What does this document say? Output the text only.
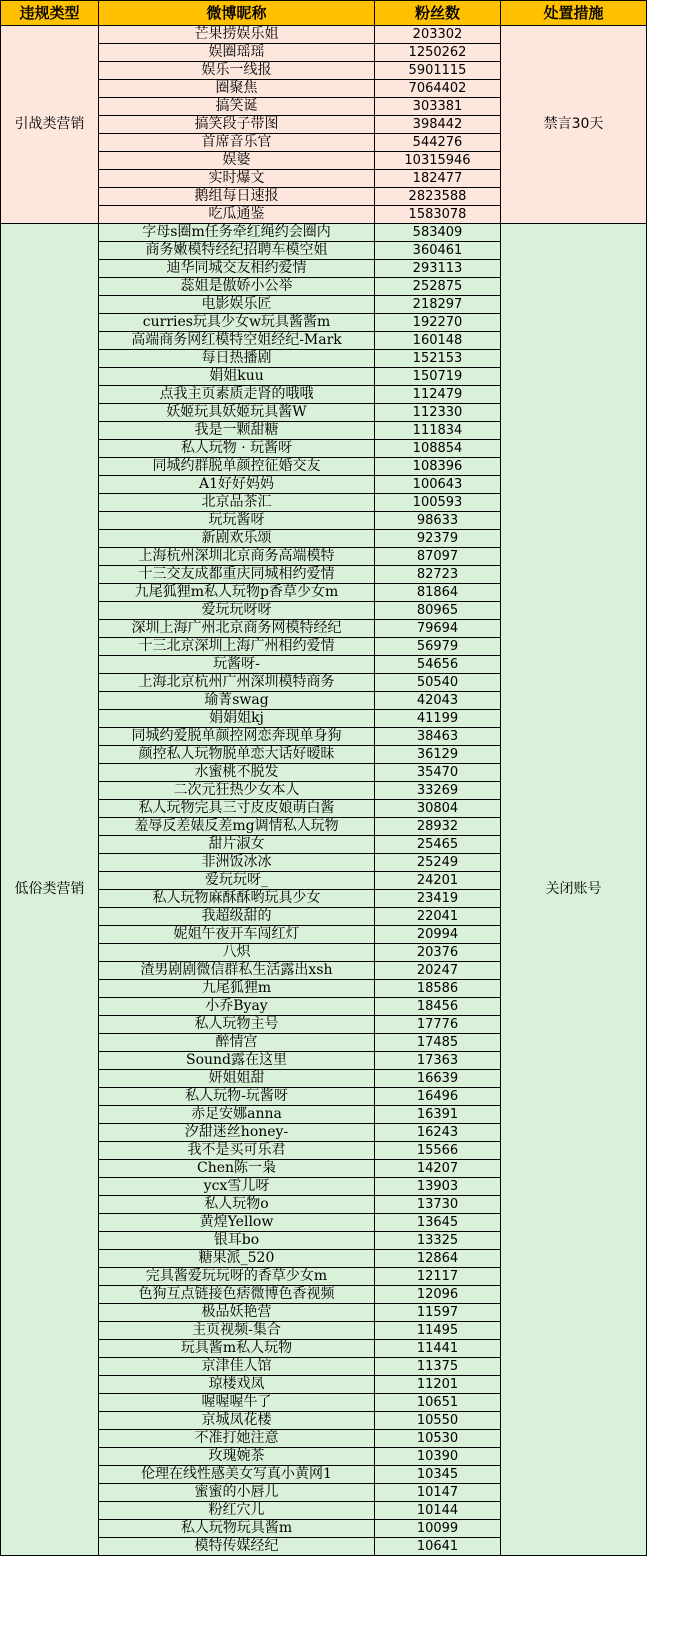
违规类型	微博昵称	粉丝数	处置措施
引战类营销	芒果捞娱乐姐	203302	禁言30天
	娱圈瑶瑶	1250262	
	娱乐一线报	5901115	
	圈聚焦	7064402	
	搞笑诞	303381	
	搞笑段子带图	398442	
	首席音乐官	544276	
	娱婆	10315946	
	实时爆文	182477	
	鹅组每日速报	2823588	
	吃瓜通鉴	1583078	
低俗类营销	字母s圈m任务牵红绳约会圈内	583409	关闭账号
	商务嫩模特经纪招聘车模空姐	360461	
	迪华同城交友相约爱情	293113	
	蕊姐是傲娇小公举	252875	
	电影娱乐匠	218297	
	curries玩具少女w玩具酱酱m	192270	
	高端商务网红模特空姐经纪-Mark	160148	
	每日热播剧	152153	
	娟姐kuu	150719	
	点我主页素质走肾的哦哦	112479	
	妖姬玩具妖姬玩具酱W	112330	
	我是一颗甜糖	111834	
	私人玩物 · 玩酱呀	108854	
	同城约群脱单颜控征婚交友	108396	
	A1好好妈妈	100643	
	北京品茶汇	100593	
	玩玩酱呀	98633	
	新剧欢乐颂	92379	
	上海杭州深圳北京商务高端模特	87097	
	十三交友成都重庆同城相约爱情	82723	
	九尾狐狸m私人玩物p香草少女m	81864	
	爱玩玩呀呀	80965	
	深圳上海广州北京商务网模特经纪	79694	
	十三北京深圳上海广州相约爱情	56979	
	玩酱呀-	54656	
	上海北京杭州广州深圳模特商务	50540	
	瑜菁swag	42043	
	娟娟姐kj	41199	
	同城约爱脱单颜控网恋奔现单身狗	38463	
	颜控私人玩物脱单恋大话好暧昧	36129	
	水蜜桃不脱发	35470	
	二次元狂热少女本人	33269	
	私人玩物完具三寸皮皮娘萌白酱	30804	
	羞辱反差婊反差mg调情私人玩物	28932	
	甜片淑女	25465	
	非洲饭冰冰	25249	
	爱玩玩呀_	24201	
	私人玩物麻酥酥哟玩具少女	23419	
	我超级甜的	22041	
	妮姐午夜开车闯红灯	20994	
	八炽	20376	
	渣男剧剧微信群私生活露出xsh	20247	
	九尾狐狸m	18586	
	小乔Byay	18456	
	私人玩物主号	17776	
	醉情宫	17485	
	Sound露在这里	17363	
	妍姐姐甜	16639	
	私人玩物-玩酱呀	16496	
	赤足安娜anna	16391	
	汐甜迷丝honey-	16243	
	我不是买可乐君	15566	
	Chen陈一枭	14207	
	ycx雪儿呀	13903	
	私人玩物o	13730	
	黄煌Yellow	13645	
	银耳bo	13325	
	糖果派_520	12864	
	完具酱爱玩玩呀的香草少女m	12117	
	色狗互点链接色痞微博色香视频	12096	
	极品妖艳营	11597	
	主页视频-集合	11495	
	玩具酱m私人玩物	11441	
	京津佳人馆	11375	
	琼楼戏凤	11201	
	喔喔喔牛了	10651	
	京城凤花楼	10550	
	不准打她注意	10530	
	玫瑰婉茶	10390	
	伦理在线性感美女写真小黄网1	10345	
	蜜蜜的小唇儿	10147	
	粉红穴儿	10144	
	私人玩物玩具酱m	10099	
	模特传媒经纪	10641	
